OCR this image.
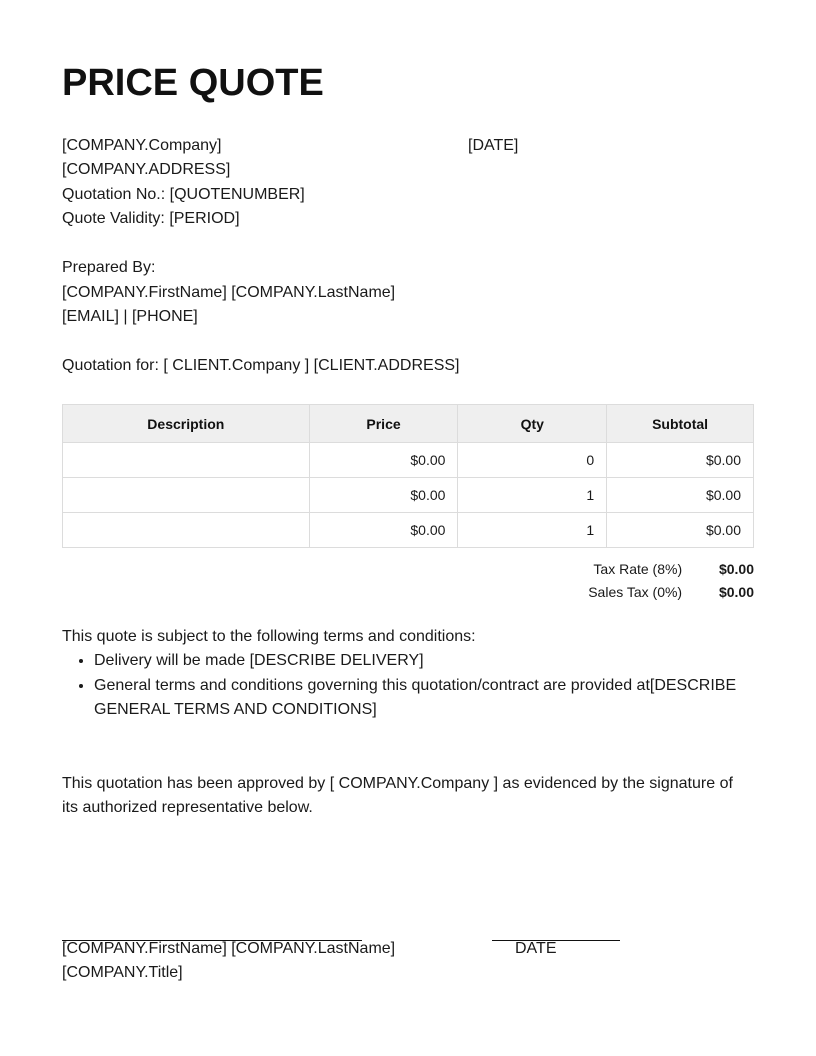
PRICE QUOTE
[COMPANY.Company]	[DATE]
[COMPANY.ADDRESS]
Quotation No.: [QUOTENUMBER]
Quote Validity: [PERIOD]
Prepared By:
[COMPANY.FirstName] [COMPANY.LastName]
[EMAIL] | [PHONE]
Quotation for: [ CLIENT.Company ] [CLIENT.ADDRESS]
Description	Price	Qty	Subtotal
	$0.00	0	$0.00
	$0.00	1	$0.00
	$0.00	1	$0.00
Tax Rate (8%)	$0.00
Sales Tax (0%)	$0.00
This quote is subject to the following terms and conditions:
• Delivery will be made [DESCRIBE DELIVERY]
• General terms and conditions governing this quotation/contract are provided at[DESCRIBE GENERAL TERMS AND CONDITIONS]
This quotation has been approved by [ COMPANY.Company ] as evidenced by the signature of its authorized representative below.
[COMPANY.FirstName] [COMPANY.LastName]	DATE
[COMPANY.Title]
